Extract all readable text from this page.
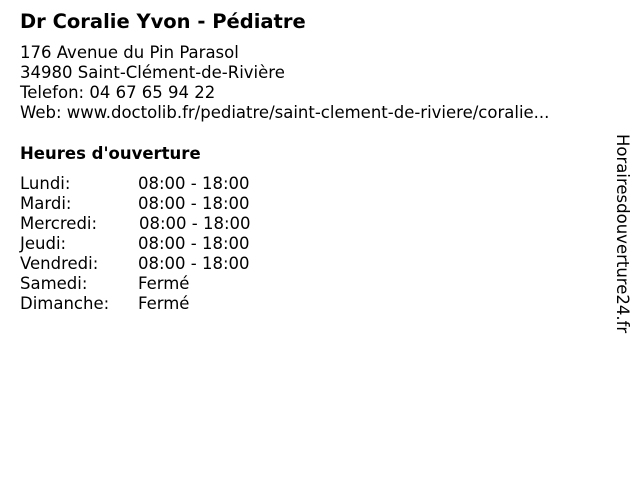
Dr Coralie Yvon - Pédiatre
176 Avenue du Pin Parasol
34980 Saint-Clément-de-Rivière
Telefon: 04 67 65 94 22
Web: www.doctolib.fr/pediatre/saint-clement-de-riviere/coralie...
Heures d'ouverture
Lundi:	08:00 - 18:00
Mardi:	08:00 - 18:00
Mercredi:	08:00 - 18:00
Jeudi:	08:00 - 18:00
Vendredi: 08:00 - 18:00
Samedi:	Fermé
Dimanche: Fermé	Horairesdouverture24.fr
